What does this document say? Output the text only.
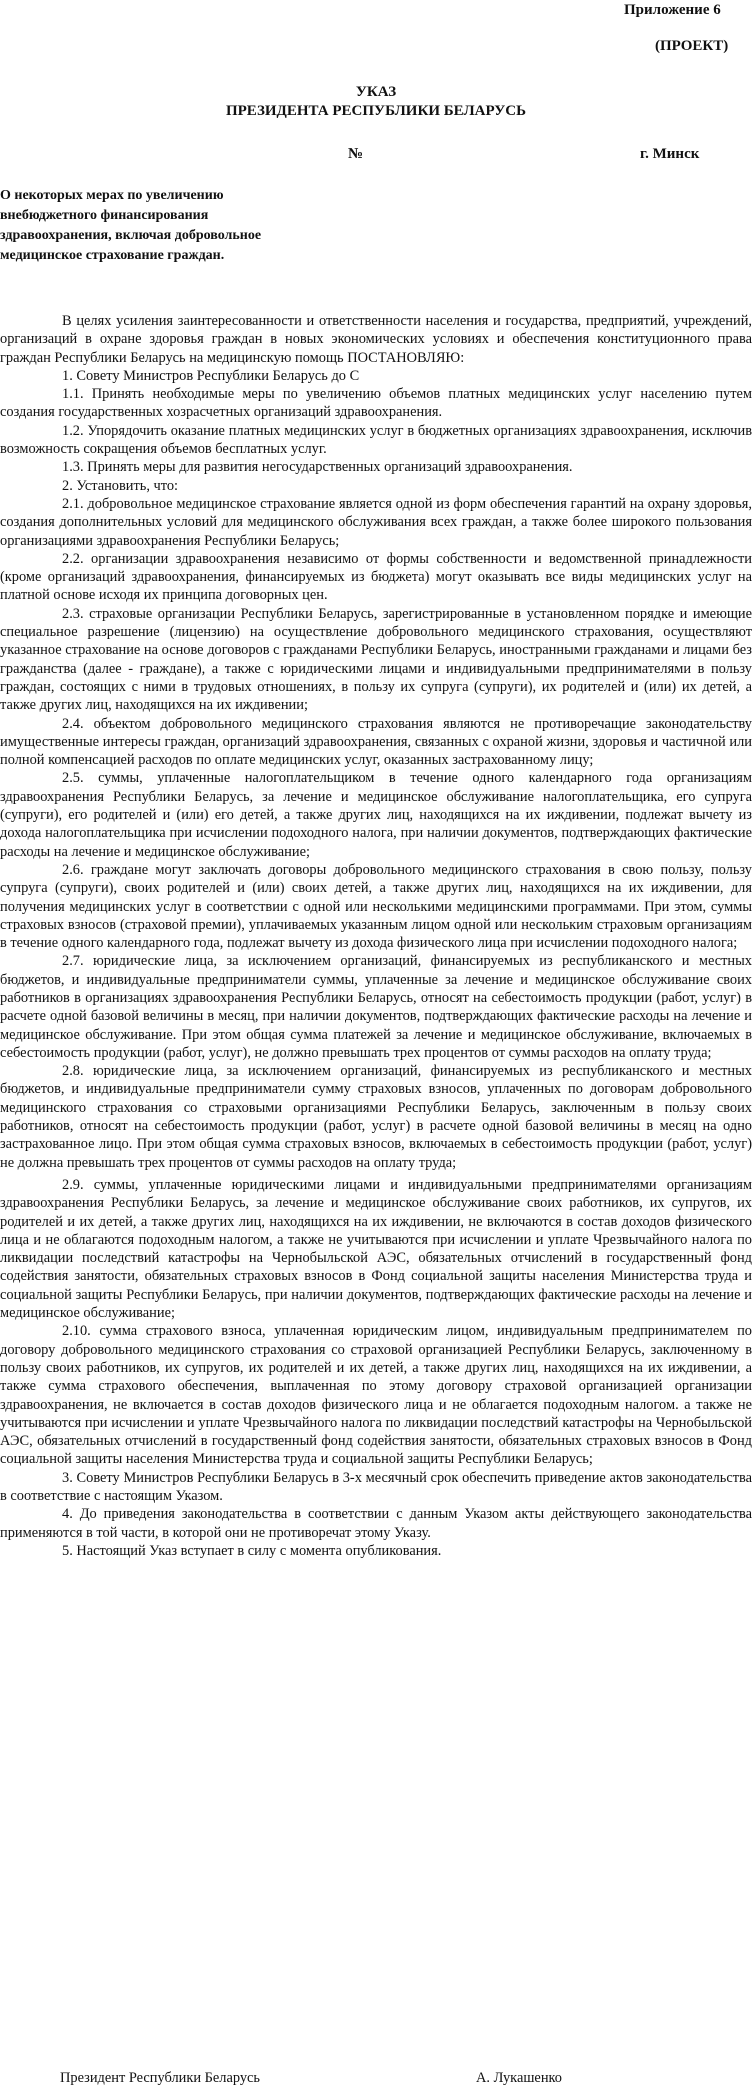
Приложение 6
(ПРОЕКТ)
УКАЗ
ПРЕЗИДЕНТА РЕСПУБЛИКИ БЕЛАРУСЬ
№	г. Минск
О некоторых мерах по увеличению внебюджетного финансирования здравоохранения, включая добровольное медицинское страхование граждан.

В целях усиления заинтересованности и ответственности населения и государства, предприятий, учреждений, организаций в охране здоровья граждан в новых экономических условиях и обеспечения конституционного права граждан Республики Беларусь на медицинскую помощь ПОСТАНОВЛЯЮ:

1. Совету Министров Республики Беларусь до С

1.1. Принять необходимые меры по увеличению объемов платных медицинских услуг населению путем создания государственных хозрасчетных организаций здравоохранения.

1.2. Упорядочить оказание платных медицинских услуг в бюджетных организациях здравоохранения, исключив возможность сокращения объемов бесплатных услуг.

1.3. Принять меры для развития негосударственных организаций здравоохранения.

2. Установить, что:

2.1. добровольное медицинское страхование является одной из форм обеспечения гарантий на охрану здоровья, создания дополнительных условий для медицинского обслуживания всех граждан, а также более широкого пользования организациями здравоохранения Республики Беларусь;

2.2. организации здравоохранения независимо от формы собственности и ведомственной принадлежности (кроме организаций здравоохранения, финансируемых из бюджета) могут оказывать все виды медицинских услуг на платной основе исходя их принципа договорных цен.

2.3. страховые организации Республики Беларусь, зарегистрированные в установленном порядке и имеющие специальное разрешение (лицензию) на осуществление добровольного медицинского страхования, осуществляют указанное страхование на основе договоров с гражданами Республики Беларусь, иностранными гражданами и лицами без гражданства (далее - граждане), а также с юридическими лицами и индивидуальными предпринимателями в пользу граждан, состоящих с ними в трудовых отношениях, в пользу их супруга (супруги), их родителей и (или) их детей, а также других лиц, находящихся на их иждивении;

2.4. объектом добровольного медицинского страхования являются не противоречащие законодательству имущественные интересы граждан, организаций здравоохранения, связанных с охраной жизни, здоровья и частичной или полной компенсацией расходов по оплате медицинских услуг, оказанных застрахованному лицу;

2.5. суммы, уплаченные налогоплательщиком в течение одного календарного года организациям здравоохранения Республики Беларусь, за лечение и медицинское обслуживание налогоплательщика, его супруга (супруги), его родителей и (или) его детей, а также других лиц, находящихся на их иждивении, подлежат вычету из дохода налогоплательщика при исчислении подоходного налога, при наличии документов, подтверждающих фактические расходы на лечение и медицинское обслуживание;

2.6. граждане могут заключать договоры добровольного медицинского страхования в свою пользу, пользу супруга (супруги), своих родителей и (или) своих детей, а также других лиц, находящихся на их иждивении, для получения медицинских услуг в соответствии с одной или несколькими медицинскими программами. При этом, суммы страховых взносов (страховой премии), уплачиваемых указанным лицом одной или нескольким страховым организациям в течение одного календарного года, подлежат вычету из дохода физического лица при исчислении подоходного налога;

2.7. юридические лица, за исключением организаций, финансируемых из республиканского и местных бюджетов, и индивидуальные предприниматели суммы, уплаченные за лечение и медицинское обслуживание своих работников в организациях здравоохранения Республики Беларусь, относят на себестоимость продукции (работ, услуг) в расчете одной базовой величины в месяц, при наличии документов, подтверждающих фактические расходы на лечение и медицинское обслуживание. При этом общая сумма платежей за лечение и медицинское обслуживание, включаемых в себестоимость продукции (работ, услуг), не должно превышать трех процентов от суммы расходов на оплату труда;

2.8. юридические лица, за исключением организаций, финансируемых из республиканского и местных бюджетов, и индивидуальные предприниматели сумму страховых взносов, уплаченных по договорам добровольного медицинского страхования со страховыми организациями Республики Беларусь, заключенным в пользу своих работников, относят на себестоимость продукции (работ, услуг) в расчете одной базовой величины в месяц на одно застрахованное лицо. При этом общая сумма страховых взносов, включаемых в себестоимость продукции (работ, услуг) не должна превышать трех процентов от суммы расходов на оплату труда;

2.9. суммы, уплаченные юридическими лицами и индивидуальными предпринимателями организациям здравоохранения Республики Беларусь, за лечение и медицинское обслуживание своих работников, их супругов, их родителей и их детей, а также других лиц, находящихся на их иждивении, не включаются в состав доходов физического лица и не облагаются подоходным налогом, а также не учитываются при исчислении и уплате Чрезвычайного налога по ликвидации последствий катастрофы на Чернобыльской АЭС, обязательных отчислений в государственный фонд содействия занятости, обязательных страховых взносов в Фонд социальной защиты населения Министерства труда и социальной защиты Республики Беларусь, при наличии документов, подтверждающих фактические расходы на лечение и медицинское обслуживание;

2.10. сумма страхового взноса, уплаченная юридическим лицом, индивидуальным предпринимателем по договору добровольного медицинского страхования со страховой организацией Республики Беларусь, заключенному в пользу своих работников, их супругов, их родителей и их детей, а также других лиц, находящихся на их иждивении, а также сумма страхового обеспечения, выплаченная по этому договору страховой организацией организации здравоохранения, не включается в состав доходов физического лица и не облагается подоходным налогом. а также не учитываются при исчислении и уплате Чрезвычайного налога по ликвидации последствий катастрофы на Чернобыльской АЭС, обязательных отчислений в государственный фонд содействия занятости, обязательных страховых взносов в Фонд социальной защиты населения Министерства труда и социальной защиты Республики Беларусь;

3. Совету Министров Республики Беларусь в 3-х месячный срок обеспечить приведение актов законодательства в соответствие с настоящим Указом.

4. До приведения законодательства в соответствии с данным Указом акты действующего законодательства применяются в той части, в которой они не противоречат этому Указу.

5. Настоящий Указ вступает в силу с момента опубликования.

Президент Республики Беларусь	А. Лукашенко
